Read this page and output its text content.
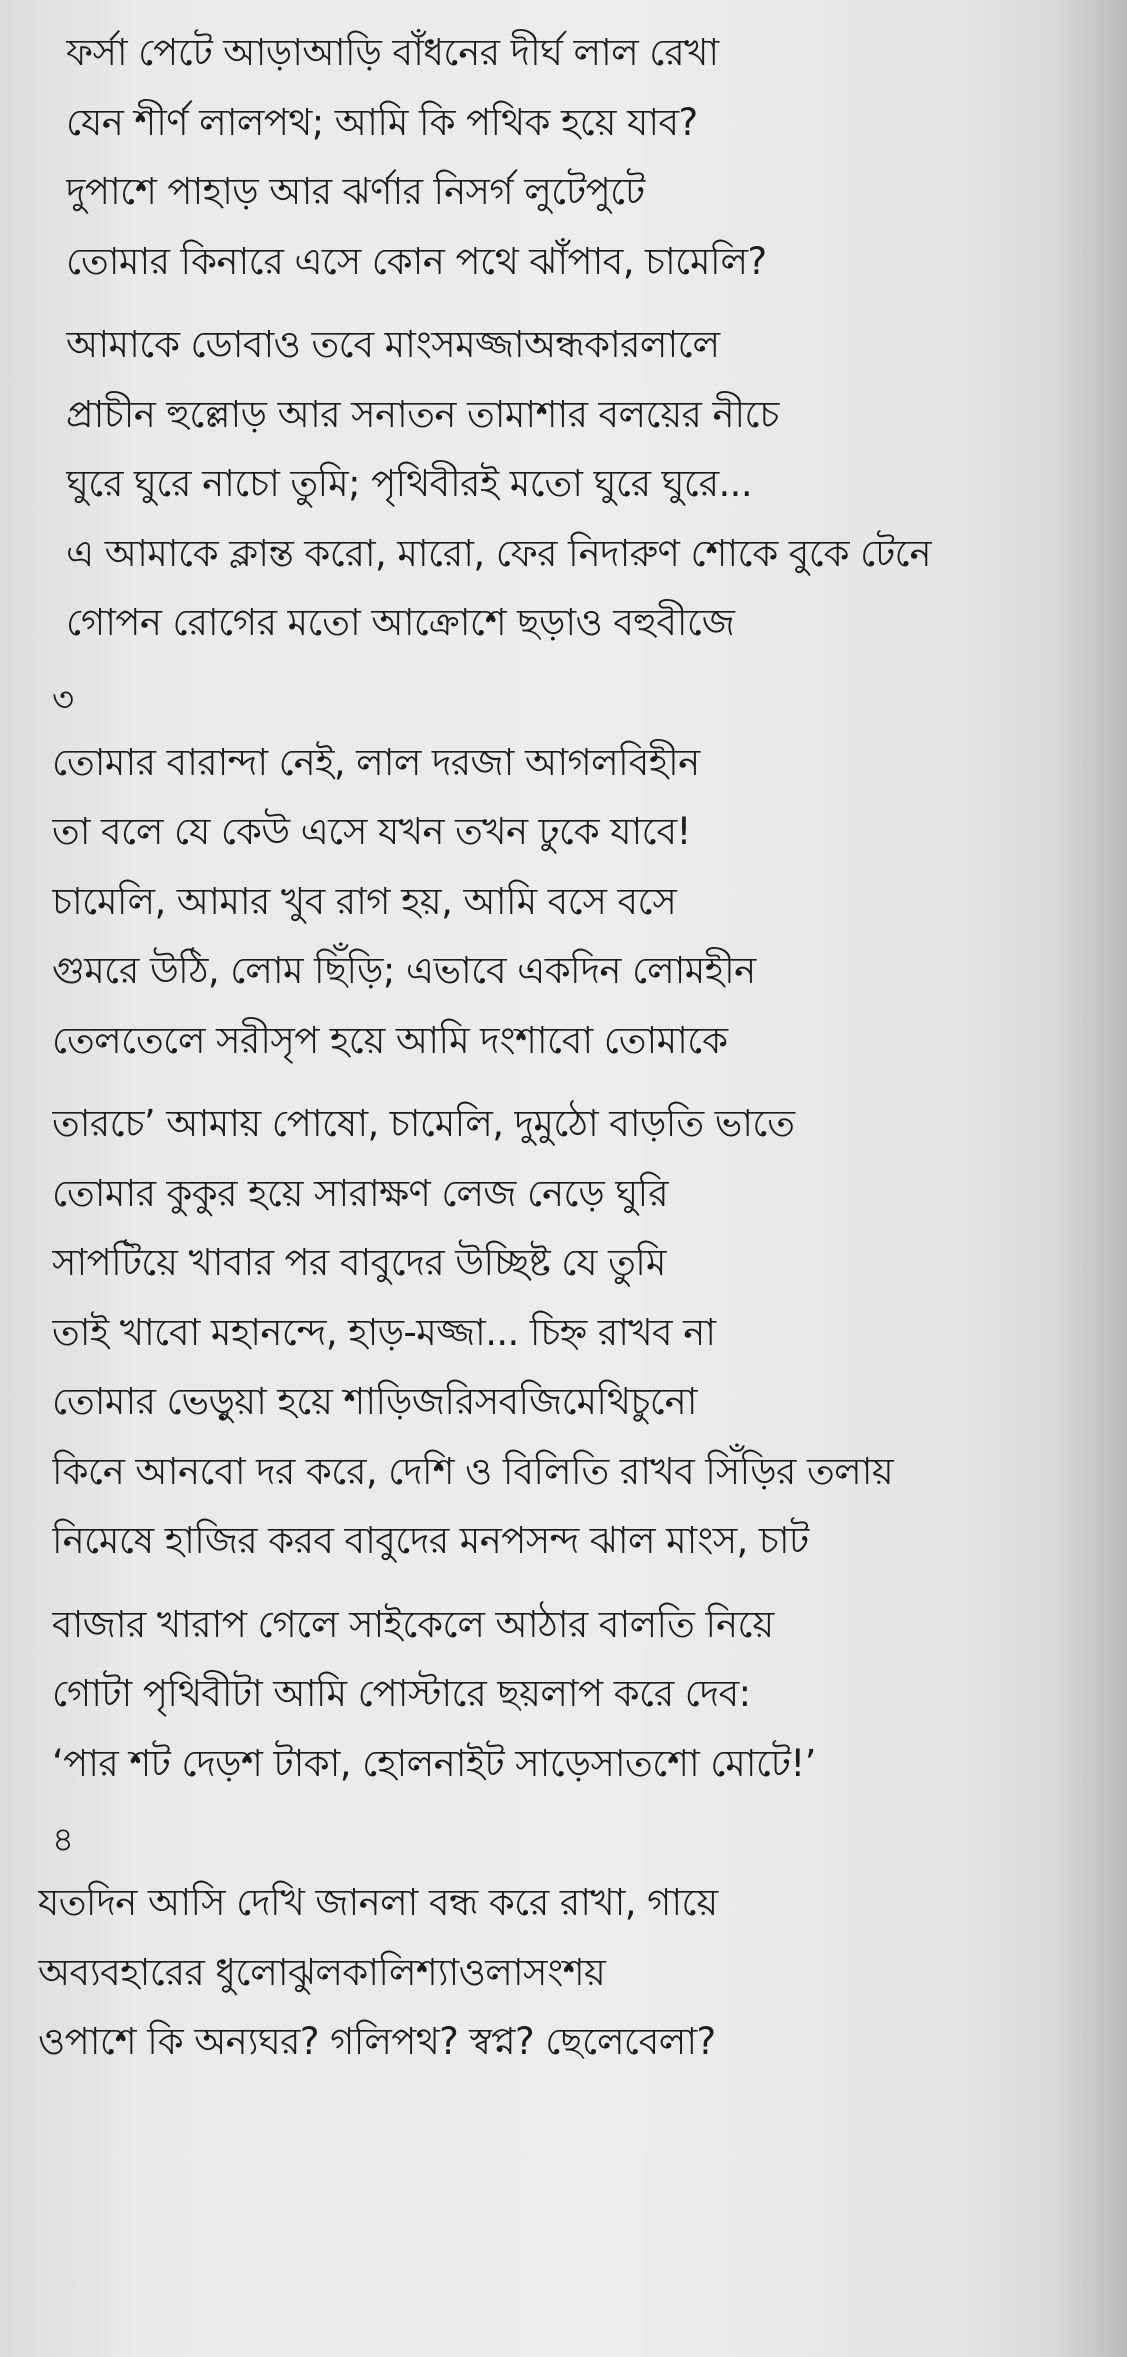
ফর্সা পেটে আড়াআড়ি বাঁধনের দীর্ঘ লাল রেখা
যেন শীর্ণ লালপথ; আমি কি পথিক হয়ে যাব?
দুপাশে পাহাড় আর ঝর্ণার নিসর্গ লুটেপুটে
তোমার কিনারে এসে কোন পথে ঝাঁপাব, চামেলি?
আমাকে ডোবাও তবে মাংসমজ্জাঅন্ধকারলালে
প্রাচীন হুল্লোড় আর সনাতন তামাশার বলয়ের নীচে
ঘুরে ঘুরে নাচো তুমি; পৃথিবীরই মতো ঘুরে ঘুরে...
এ আমাকে ক্লান্ত করো, মারো, ফের নিদারুণ শোকে বুকে টেনে
গোপন রোগের মতো আক্রোশে ছড়াও বহুবীজে
৩
তোমার বারান্দা নেই, লাল দরজা আগলবিহীন
তা বলে যে কেউ এসে যখন তখন ঢুকে যাবে!
চামেলি, আমার খুব রাগ হয়, আমি বসে বসে
গুমরে উঠি, লোম ছিঁড়ি; এভাবে একদিন লোমহীন
তেলতেলে সরীসৃপ হয়ে আমি দংশাবো তোমাকে
তারচে’ আমায় পোষো, চামেলি, দুমুঠো বাড়তি ভাতে
তোমার কুকুর হয়ে সারাক্ষণ লেজ নেড়ে ঘুরি
সাপটিয়ে খাবার পর বাবুদের উচ্ছিষ্ট যে তুমি
তাই খাবো মহানন্দে, হাড়-মজ্জা... চিহ্ন রাখব না
তোমার ভেড়ুয়া হয়ে শাড়িজরিসবজিমেথিচুনো
কিনে আনবো দর করে, দেশি ও বিলিতি রাখব সিঁড়ির তলায়
নিমেষে হাজির করব বাবুদের মনপসন্দ ঝাল মাংস, চাট
বাজার খারাপ গেলে সাইকেলে আঠার বালতি নিয়ে
গোটা পৃথিবীটা আমি পোস্টারে ছয়লাপ করে দেব:
‘পার শট দেড়শ টাকা, হোলনাইট সাড়েসাতশো মোটে!’
৪
যতদিন আসি দেখি জানলা বন্ধ করে রাখা, গায়ে
অব্যবহারের ধুলোঝুলকালিশ্যাওলাসংশয়
ওপাশে কি অন্যঘর? গলিপথ? স্বপ্ন? ছেলেবেলা?
